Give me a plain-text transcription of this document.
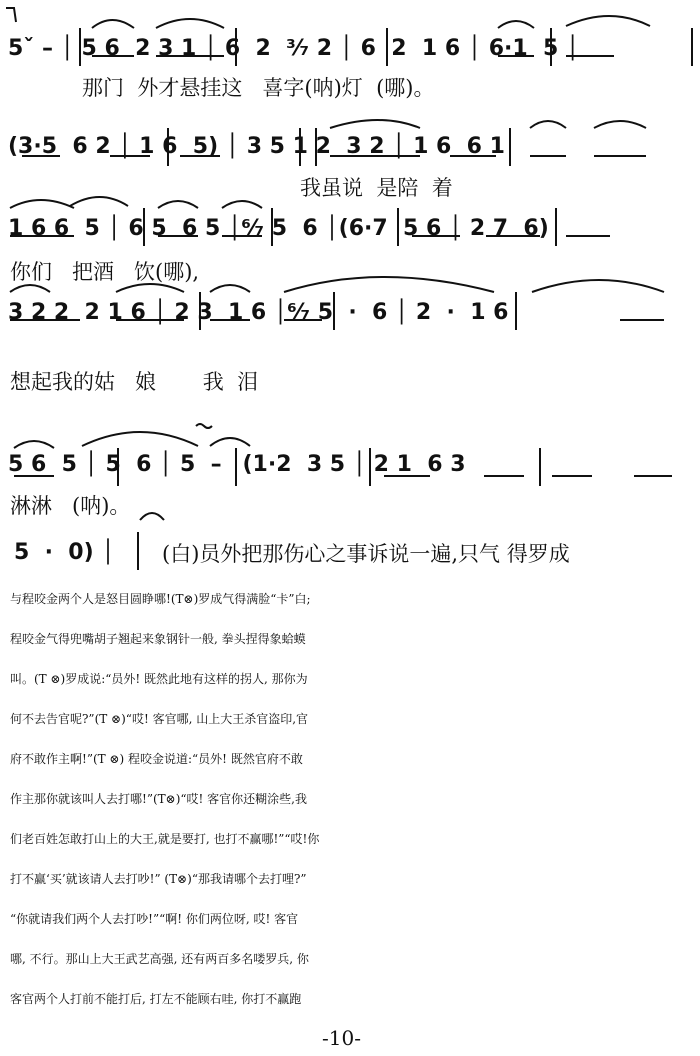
5ˇ – │ 5 6  2 3 1 │ 6  2  ³⁄₇ 2 │ 6  2  1 6 │ 6·1  5 │
那门  外才悬挂这   喜字(呐)灯  (哪)。
(3·5  6 2 │ 1 6  5) │ 3 5 1 2  3 2 │ 1 6  6 1
我虽说  是陪  着
1 6 6  5 │ 6 5  6 5 │⁶⁄₇ 5  6 │(6·7  5 6 │ 2 7  6)
你们   把酒   饮(哪),
3 2 2  2 1 6 │ 2 3  1 6 │⁶⁄₇ 5  ·  6 │ 2  ·  1 6
想起我的姑   娘       我  泪
5 6  5 │ 5  6 │ 5  – │(1·2  3 5 │ 2 1  6 3
淋淋   (呐)。
5  ·  0) │ (白)员外把那伤心之事诉说一遍,只气 得罗成
与程咬金两个人是怒目圆睁哪!(T⊗)罗成气得满脸“卡”白;
程咬金气得兜嘴胡子翘起来象钢针一般, 拳头捏得象蛤蟆
叫。(T ⊗)罗成说:“员外! 既然此地有这样的拐人, 那你为
何不去告官呢?”(T ⊗)“哎! 客官哪, 山上大王杀官盗印,官
府不敢作主啊!”(T ⊗) 程咬金说道:“员外! 既然官府不敢
作主那你就该叫人去打哪!”(T⊗)“哎! 客官你还糊涂些,我
们老百姓怎敢打山上的大王,就是要打, 也打不赢哪!”“哎!你
打不赢‘买’就该请人去打吵!” (T⊗)“那我请哪个去打哩?”
“你就请我们两个人去打吵!”“啊! 你们两位呀, 哎! 客官
哪, 不行。那山上大王武艺高强, 还有两百多名喽罗兵, 你
客官两个人打前不能打后, 打左不能顾右哇, 你打不赢跑
-10-
